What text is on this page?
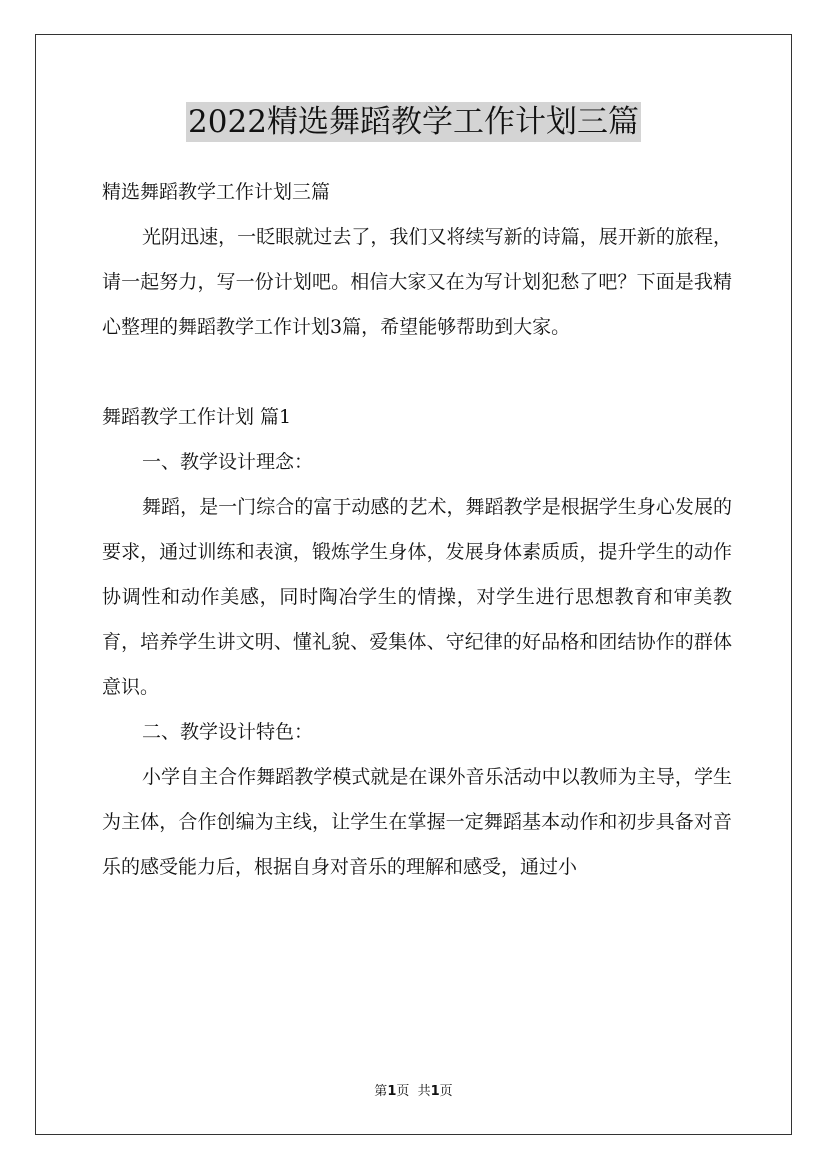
2022精选舞蹈教学工作计划三篇

精选舞蹈教学工作计划三篇

光阴迅速，一眨眼就过去了，我们又将续写新的诗篇，展开新的旅程，请一起努力，写一份计划吧。相信大家又在为写计划犯愁了吧？下面是我精心整理的舞蹈教学工作计划3篇，希望能够帮助到大家。

舞蹈教学工作计划 篇1

一、教学设计理念：

舞蹈，是一门综合的富于动感的艺术，舞蹈教学是根据学生身心发展的要求，通过训练和表演，锻炼学生身体，发展身体素质质，提升学生的动作协调性和动作美感，同时陶冶学生的情操，对学生进行思想教育和审美教育，培养学生讲文明、懂礼貌、爱集体、守纪律的好品格和团结协作的群体意识。

二、教学设计特色：

小学自主合作舞蹈教学模式就是在课外音乐活动中以教师为主导，学生为主体，合作创编为主线，让学生在掌握一定舞蹈基本动作和初步具备对音乐的感受能力后，根据自身对音乐的理解和感受，通过小

第1页  共1页
